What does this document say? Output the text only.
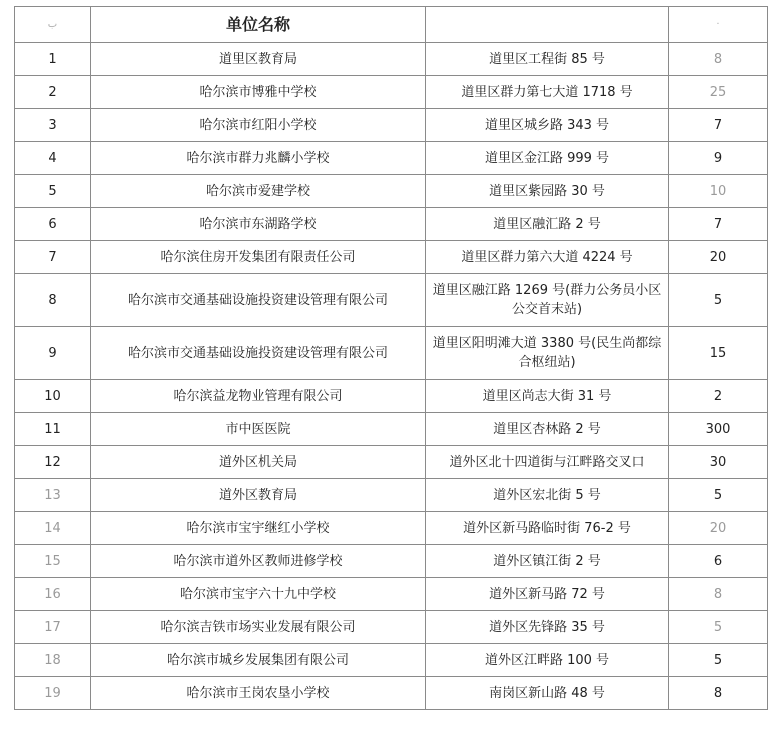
ب	单位名称		·
1	道里区教育局	道里区工程街 85 号	8
2	哈尔滨市博雅中学校	道里区群力第七大道 1718 号	25
3	哈尔滨市红阳小学校	道里区城乡路 343 号	7
4	哈尔滨市群力兆麟小学校	道里区金江路 999 号	9
5	哈尔滨市爱建学校	道里区紫园路 30 号	10
6	哈尔滨市东湖路学校	道里区融汇路 2 号	7
7	哈尔滨住房开发集团有限责任公司	道里区群力第六大道 4224 号	20
8	哈尔滨市交通基础设施投资建设管理有限公司	道里区融江路 1269 号(群力公务员小区公交首末站)	5
9	哈尔滨市交通基础设施投资建设管理有限公司	道里区阳明滩大道 3380 号(民生尚都综合枢纽站)	15
10	哈尔滨益龙物业管理有限公司	道里区尚志大街 31 号	2
11	市中医医院	道里区杏林路 2 号	300
12	道外区机关局	道外区北十四道街与江畔路交叉口	30
13	道外区教育局	道外区宏北街 5 号	5
14	哈尔滨市宝宇继红小学校	道外区新马路临时街 76-2 号	20
15	哈尔滨市道外区教师进修学校	道外区镇江街 2 号	6
16	哈尔滨市宝宇六十九中学校	道外区新马路 72 号	8
17	哈尔滨吉铁市场实业发展有限公司	道外区先锋路 35 号	5
18	哈尔滨市城乡发展集团有限公司	道外区江畔路 100 号	5
19	哈尔滨市王岗农垦小学校	南岗区新山路 48 号	8
